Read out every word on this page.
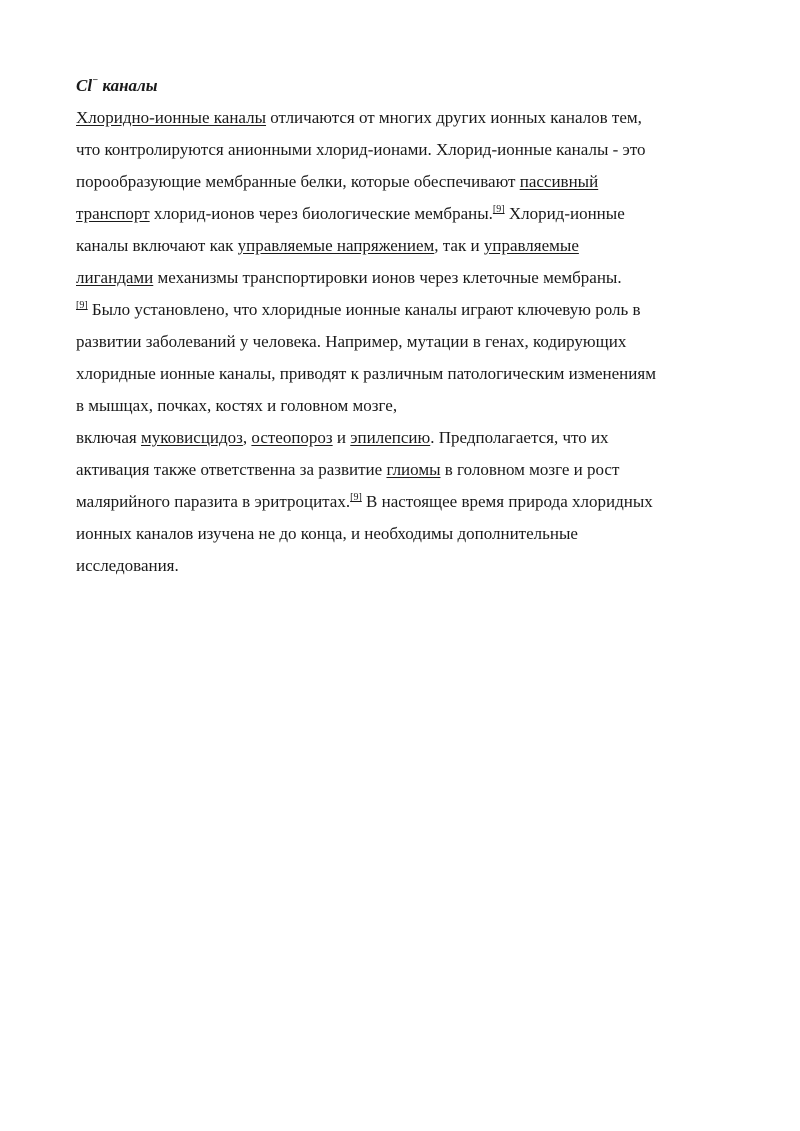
Cl− каналы

Хлоридно-ионные каналы отличаются от многих других ионных каналов тем,
что контролируются анионными хлорид-ионами. Хлорид-ионные каналы - это
порообразующие мембранные белки, которые обеспечивают пассивный
транспорт хлорид-ионов через биологические мембраны.[9] Хлорид-ионные
каналы включают как управляемые напряжением, так и управляемые
лигандами механизмы транспортировки ионов через клеточные мембраны.
[9] Было установлено, что хлоридные ионные каналы играют ключевую роль в
развитии заболеваний у человека. Например, мутации в генах, кодирующих
хлоридные ионные каналы, приводят к различным патологическим изменениям
в мышцах, почках, костях и головном мозге,
включая муковисцидоз, остеопороз и эпилепсию. Предполагается, что их
активация также ответственна за развитие глиомы в головном мозге и рост
малярийного паразита в эритроцитах.[9] В настоящее время природа хлоридных
ионных каналов изучена не до конца, и необходимы дополнительные
исследования.
